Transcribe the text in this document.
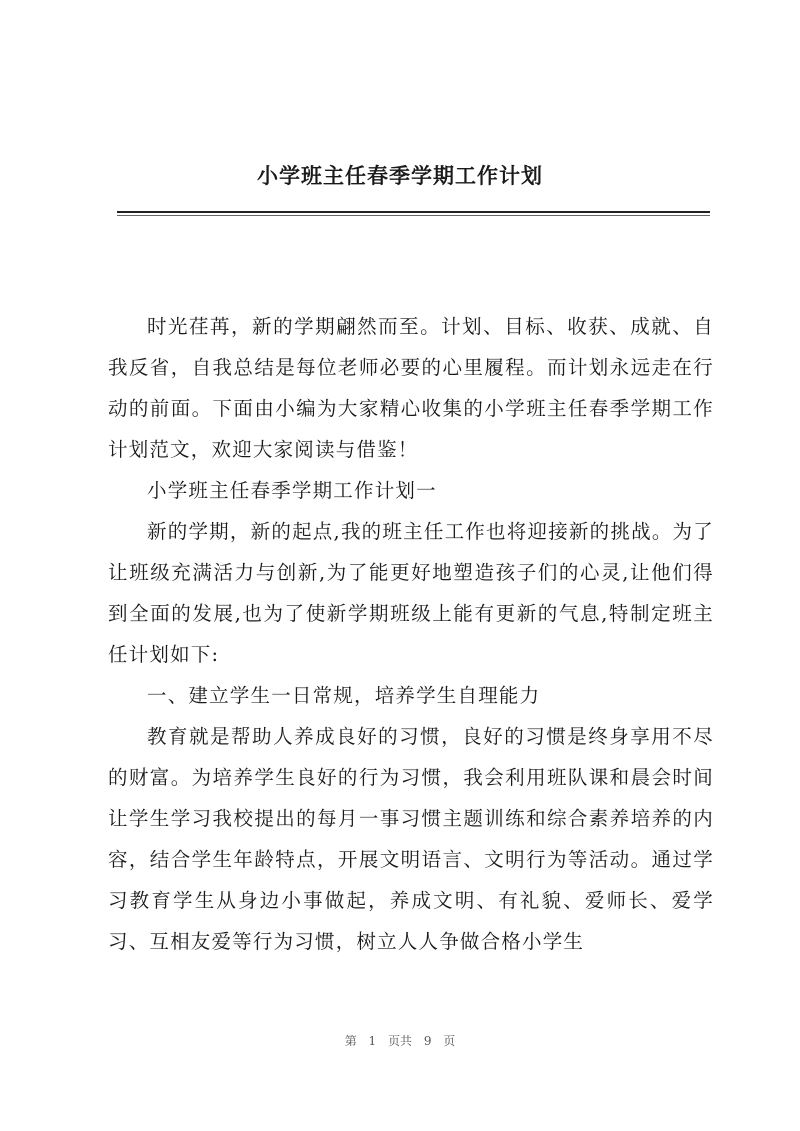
小学班主任春季学期工作计划

时光荏苒，新的学期翩然而至。计划、目标、收获、成就、自我反省，自我总结是每位老师必要的心里履程。而计划永远走在行动的前面。下面由小编为大家精心收集的小学班主任春季学期工作计划范文，欢迎大家阅读与借鉴！

小学班主任春季学期工作计划一

新的学期，新的起点,我的班主任工作也将迎接新的挑战。为了让班级充满活力与创新,为了能更好地塑造孩子们的心灵,让他们得到全面的发展,也为了使新学期班级上能有更新的气息,特制定班主任计划如下:

一、建立学生一日常规，培养学生自理能力

教育就是帮助人养成良好的习惯，良好的习惯是终身享用不尽的财富。为培养学生良好的行为习惯，我会利用班队课和晨会时间让学生学习我校提出的每月一事习惯主题训练和综合素养培养的内容，结合学生年龄特点，开展文明语言、文明行为等活动。通过学习教育学生从身边小事做起，养成文明、有礼貌、爱师长、爱学习、互相友爱等行为习惯，树立人人争做合格小学生

第 1 页共 9 页
